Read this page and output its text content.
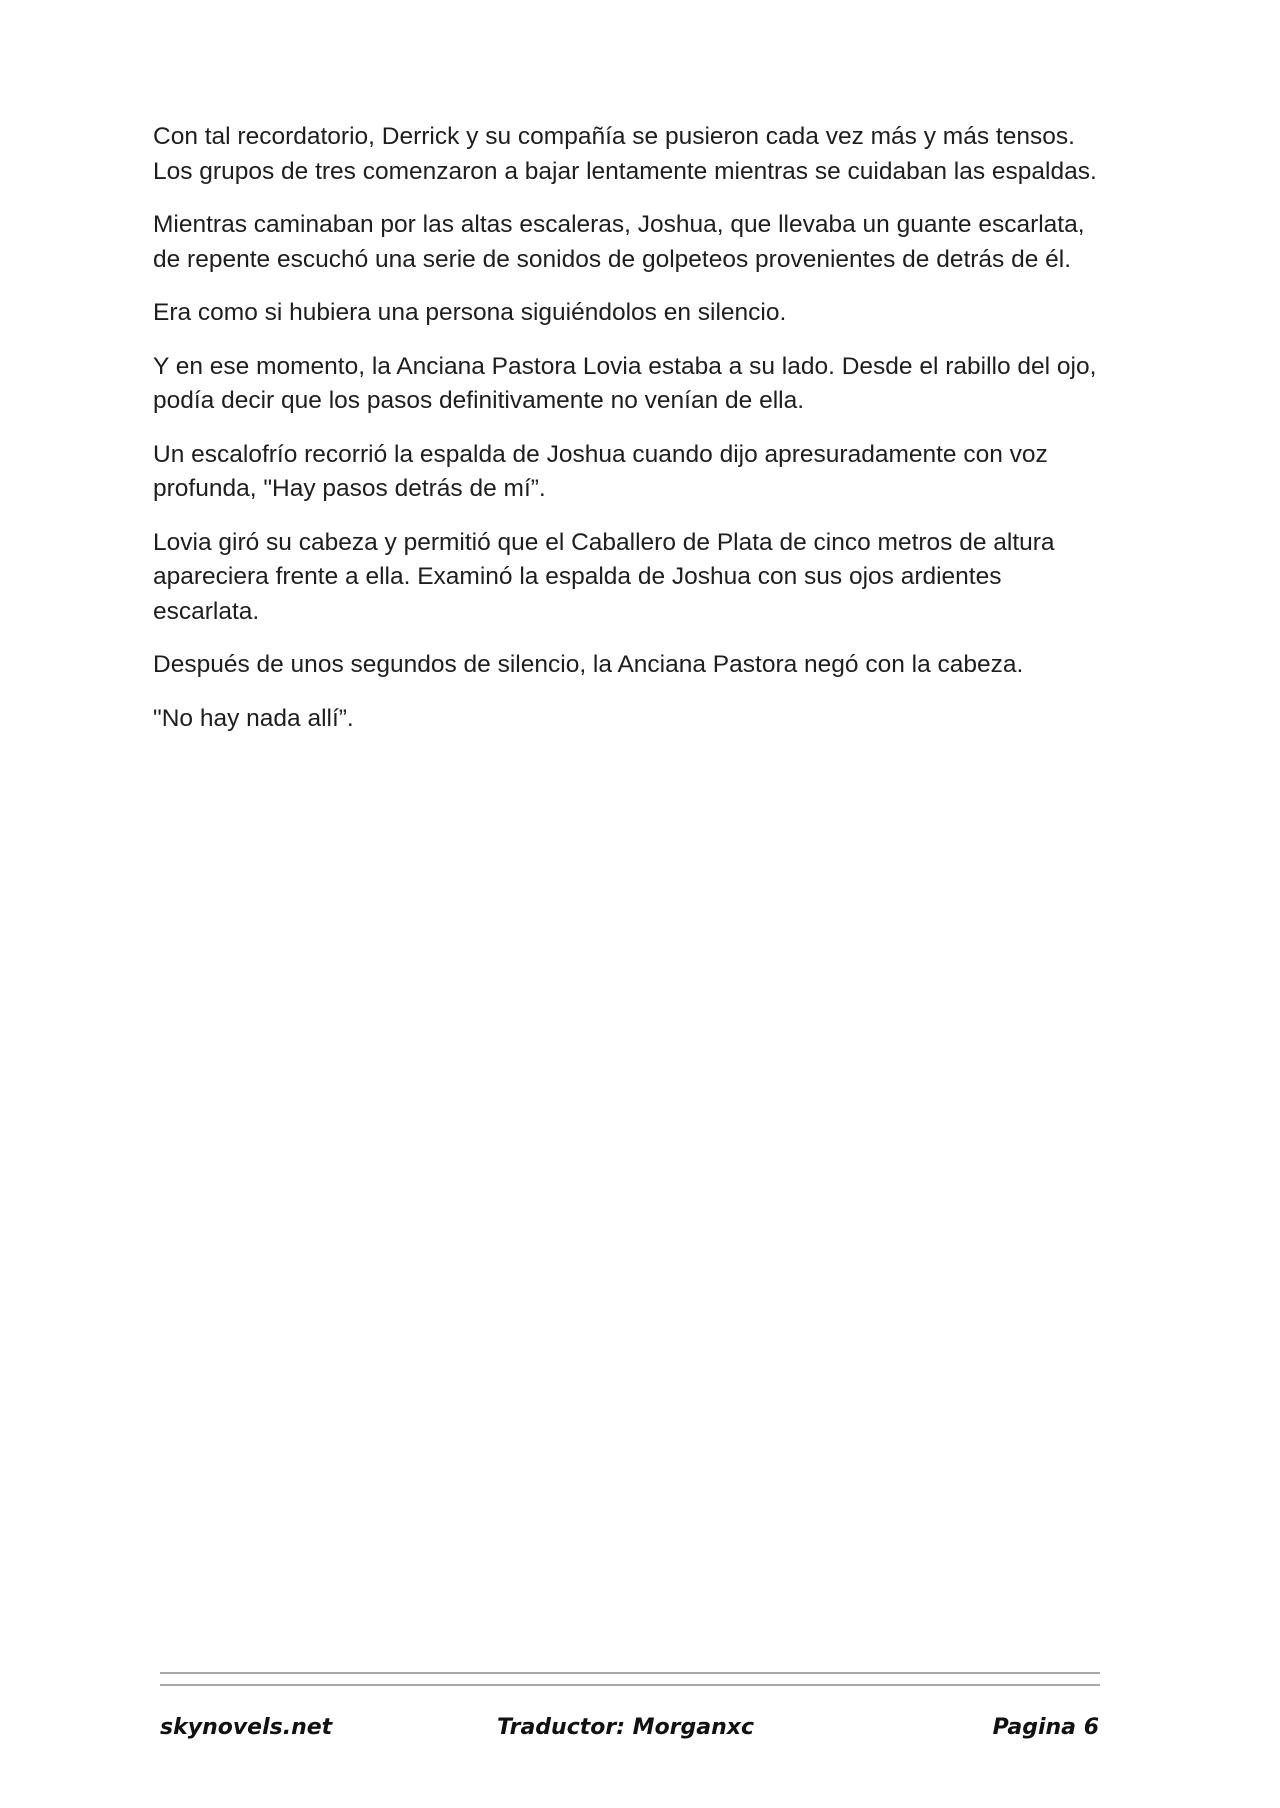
Con tal recordatorio, Derrick y su compañía se pusieron cada vez más y más tensos. Los grupos de tres comenzaron a bajar lentamente mientras se cuidaban las espaldas.

Mientras caminaban por las altas escaleras, Joshua, que llevaba un guante escarlata, de repente escuchó una serie de sonidos de golpeteos provenientes de detrás de él.

Era como si hubiera una persona siguiéndolos en silencio.

Y en ese momento, la Anciana Pastora Lovia estaba a su lado. Desde el rabillo del ojo, podía decir que los pasos definitivamente no venían de ella.

Un escalofrío recorrió la espalda de Joshua cuando dijo apresuradamente con voz profunda, "Hay pasos detrás de mí”.

Lovia giró su cabeza y permitió que el Caballero de Plata de cinco metros de altura apareciera frente a ella. Examinó la espalda de Joshua con sus ojos ardientes escarlata.

Después de unos segundos de silencio, la Anciana Pastora negó con la cabeza.

"No hay nada allí”.

skynovels.net	Traductor: Morganxc	Pagina 6
